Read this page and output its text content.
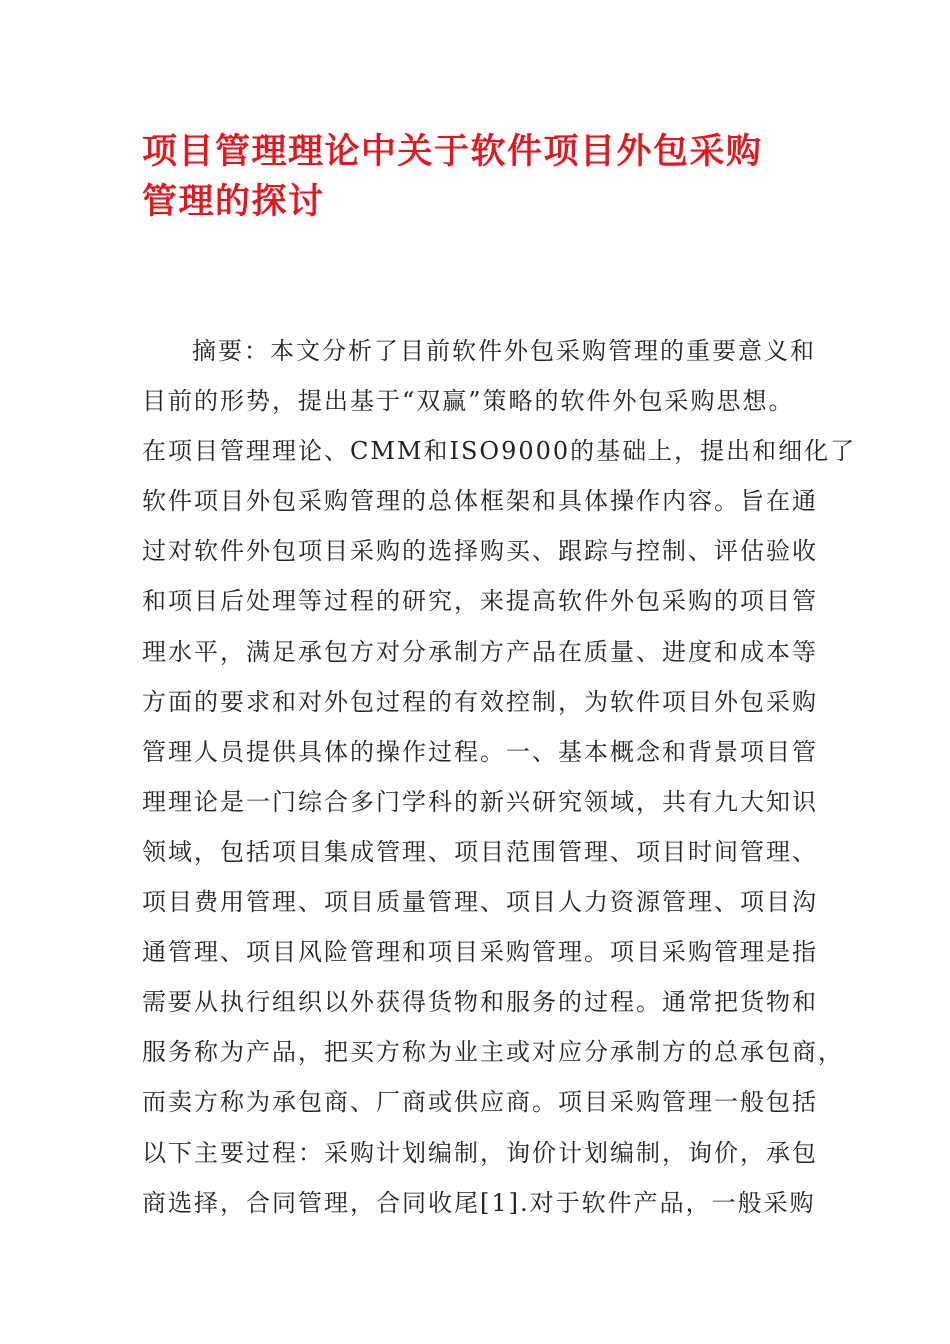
项目管理理论中关于软件项目外包采购
管理的探讨
摘要：本文分析了目前软件外包采购管理的重要意义和
目前的形势，提出基于“双赢”策略的软件外包采购思想。
在项目管理理论、CMM和ISO9000的基础上，提出和细化了
软件项目外包采购管理的总体框架和具体操作内容。旨在通
过对软件外包项目采购的选择购买、跟踪与控制、评估验收
和项目后处理等过程的研究，来提高软件外包采购的项目管
理水平，满足承包方对分承制方产品在质量、进度和成本等
方面的要求和对外包过程的有效控制，为软件项目外包采购
管理人员提供具体的操作过程。一、基本概念和背景项目管
理理论是一门综合多门学科的新兴研究领域，共有九大知识
领域，包括项目集成管理、项目范围管理、项目时间管理、
项目费用管理、项目质量管理、项目人力资源管理、项目沟
通管理、项目风险管理和项目采购管理。项目采购管理是指
需要从执行组织以外获得货物和服务的过程。通常把货物和
服务称为产品，把买方称为业主或对应分承制方的总承包商，
而卖方称为承包商、厂商或供应商。项目采购管理一般包括
以下主要过程：采购计划编制，询价计划编制，询价，承包
商选择，合同管理，合同收尾[1].对于软件产品，一般采购
